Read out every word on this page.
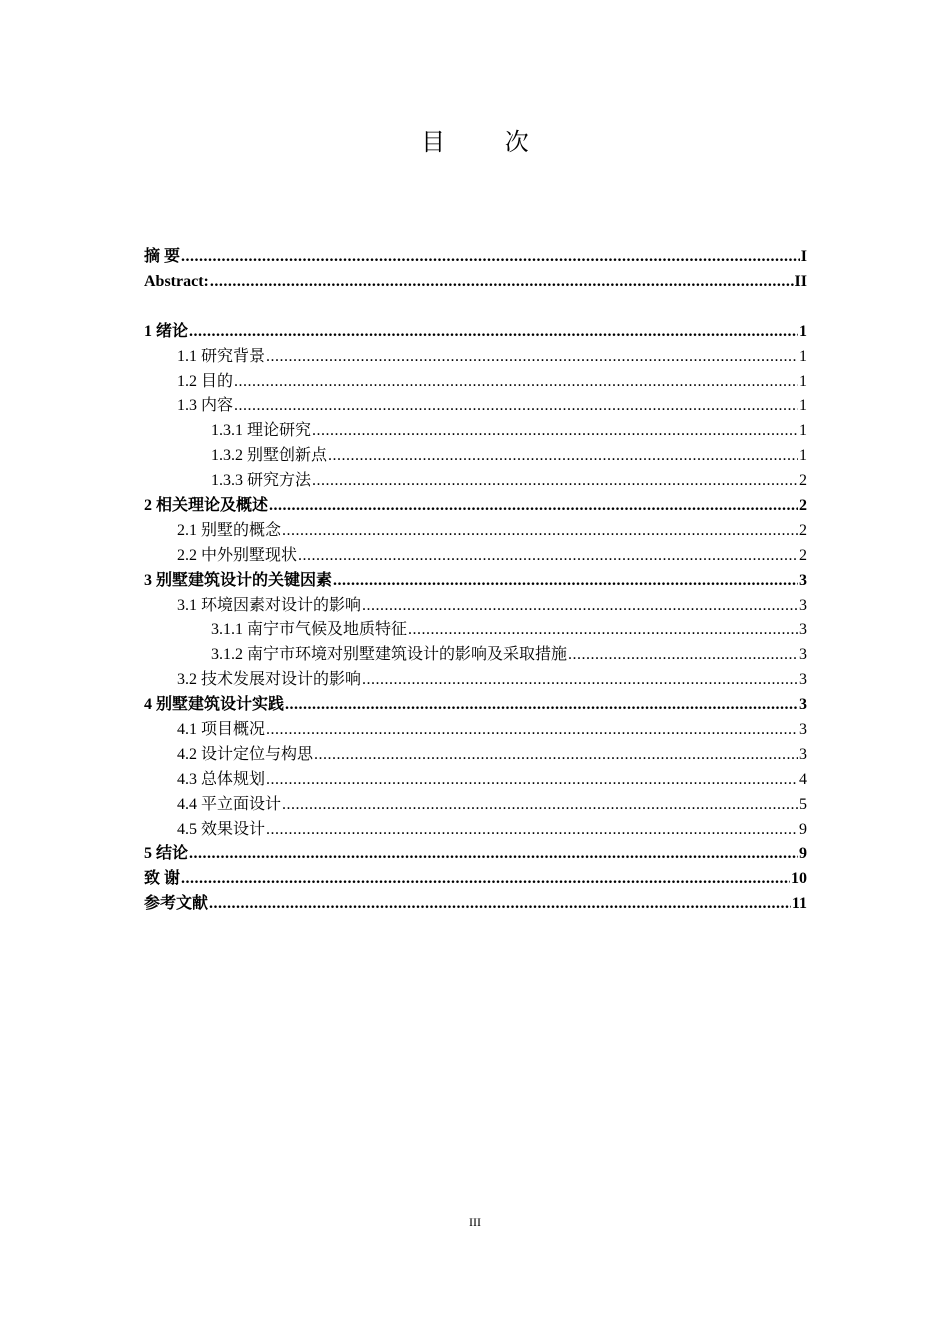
目 次
摘 要 .....	I
Abstract: .....	II
1 绪论 .....	1
1.1 研究背景 .....	1
1.2 目的 .....	1
1.3 内容 .....	1
1.3.1 理论研究 .....	1
1.3.2 别墅创新点 .....	1
1.3.3 研究方法 .....	2
2 相关理论及概述 .....	2
2.1 别墅的概念 .....	2
2.2 中外别墅现状 .....	2
3 别墅建筑设计的关键因素 .....	3
3.1 环境因素对设计的影响 .....	3
3.1.1 南宁市气候及地质特征 .....	3
3.1.2 南宁市环境对别墅建筑设计的影响及采取措施 .....	3
3.2 技术发展对设计的影响 .....	3
4 别墅建筑设计实践 .....	3
4.1 项目概况 .....	3
4.2 设计定位与构思 .....	3
4.3 总体规划 .....	4
4.4 平立面设计 .....	5
4.5 效果设计 .....	9
5 结论 .....	9
致 谢 .....	10
参考文献 .....	11
III
